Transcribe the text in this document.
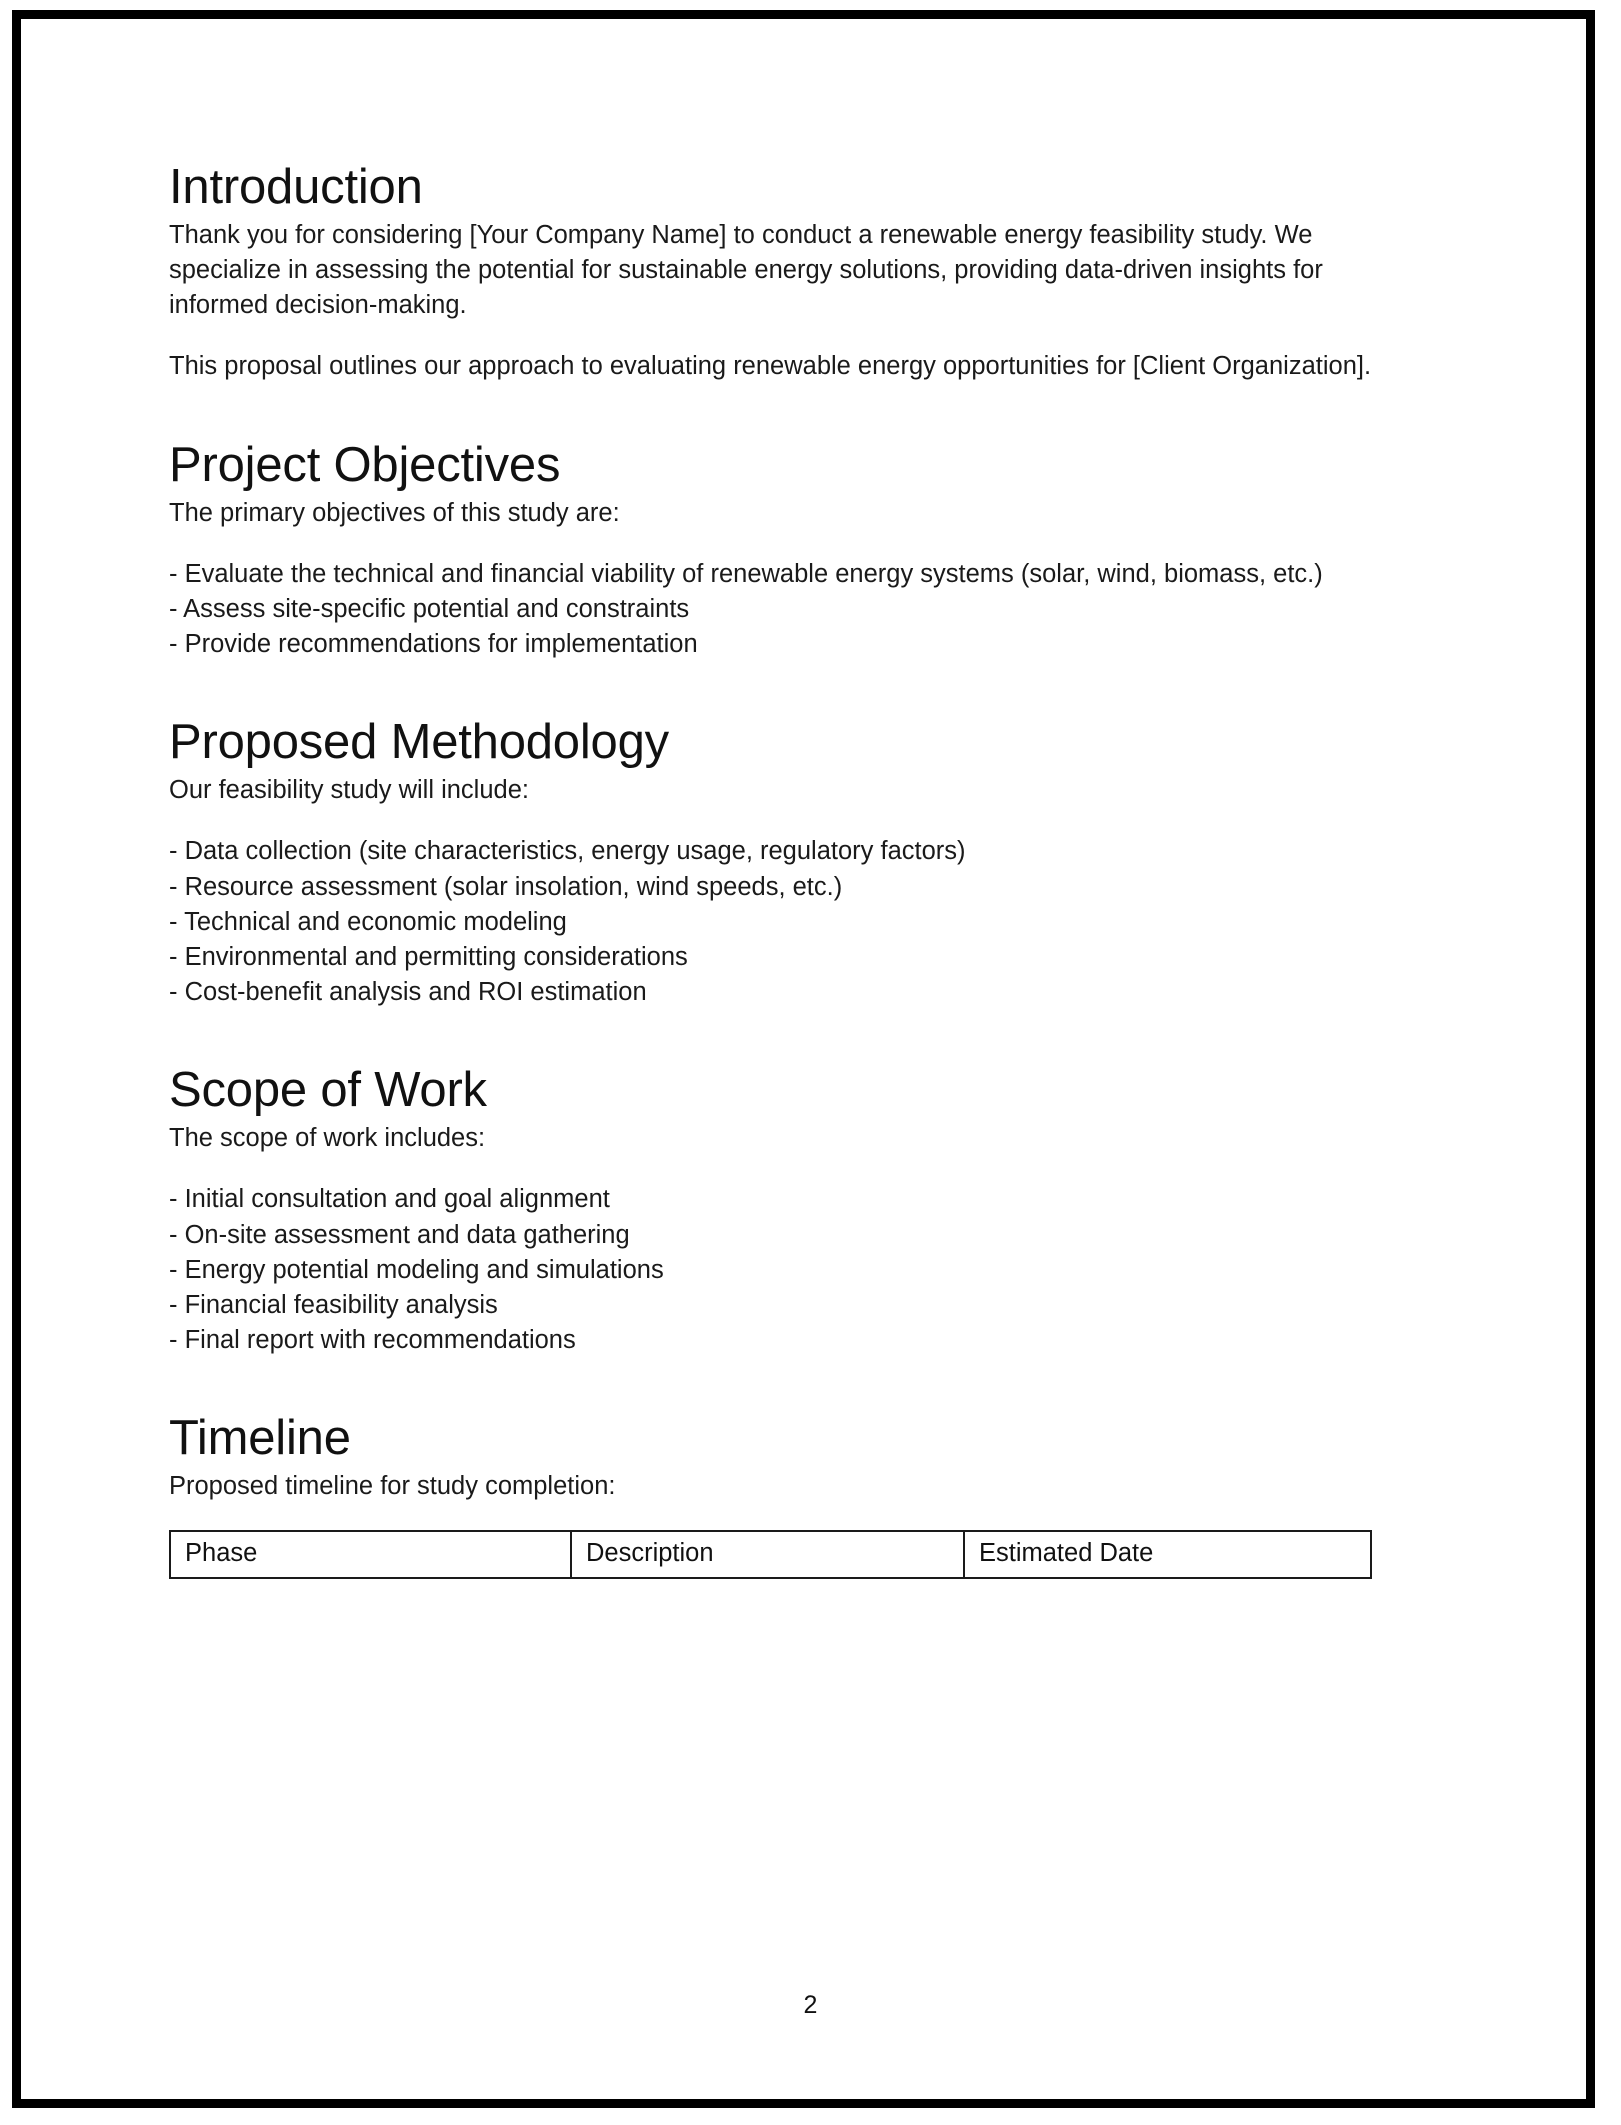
Introduction

Thank you for considering [Your Company Name] to conduct a renewable energy feasibility study. We specialize in assessing the potential for sustainable energy solutions, providing data-driven insights for informed decision-making.

This proposal outlines our approach to evaluating renewable energy opportunities for [Client Organization].

Project Objectives

The primary objectives of this study are:

- Evaluate the technical and financial viability of renewable energy systems (solar, wind, biomass, etc.)
- Assess site-specific potential and constraints
- Provide recommendations for implementation
Proposed Methodology

Our feasibility study will include:

- Data collection (site characteristics, energy usage, regulatory factors)
- Resource assessment (solar insolation, wind speeds, etc.)
- Technical and economic modeling
- Environmental and permitting considerations
- Cost-benefit analysis and ROI estimation
Scope of Work

The scope of work includes:

- Initial consultation and goal alignment
- On-site assessment and data gathering
- Energy potential modeling and simulations
- Financial feasibility analysis
- Final report with recommendations
Timeline

Proposed timeline for study completion:

Phase	Description	Estimated Date
2
